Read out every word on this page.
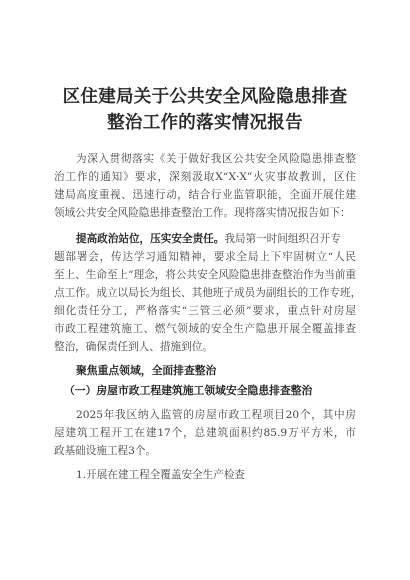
区住建局关于公共安全风险隐患排查
整治工作的落实情况报告
为深入贯彻落实《关于做好我区公共安全风险隐患排查整
治工作的通知》要求，深刻汲取X“X·X”火灾事故教训，区住
建局高度重视、迅速行动，结合行业监管职能，全面开展住建
领域公共安全风险隐患排查整治工作。现将落实情况报告如下：
提高政治站位，压实安全责任。我局第一时间组织召开专
题部署会，传达学习通知精神，要求全局上下牢固树立“人民
至上、生命至上”理念，将公共安全风险隐患排查整治作为当前重
点工作。成立以局长为组长、其他班子成员为副组长的工作专班，
细化责任分工，严格落实“三管三必须”要求，重点针对房屋
市政工程建筑施工、燃气领域的安全生产隐患开展全覆盖排查
整治，确保责任到人、措施到位。
聚焦重点领域，全面排查整治
（一）房屋市政工程建筑施工领域安全隐患排查整治
2025年我区纳入监管的房屋市政工程项目20个，其中房
屋建筑工程开工在建17个，总建筑面积约85.9万平方米，市
政基础设施工程3个。
1.开展在建工程全覆盖安全生产检查
